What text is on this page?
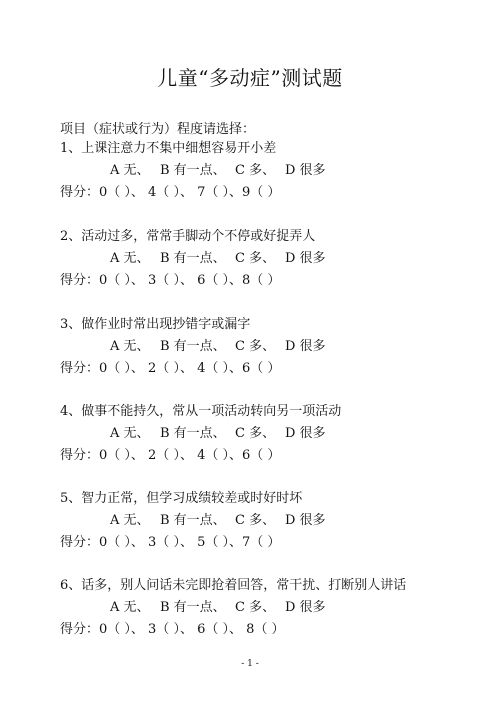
儿童“多动症”测试题
项目（症状或行为）程度请选择：
1、上课注意力不集中细想容易开小差
A 无、 B 有一点、 C 多、 D 很多
得分：0（ ）、 4（ ）、 7（ ）、9（ ）
2、活动过多，常常手脚动个不停或好捉弄人
A 无、 B 有一点、 C 多、 D 很多
得分：0（ ）、 3（ ）、 6（ ）、8（ ）
3、做作业时常出现抄错字或漏字
A 无、 B 有一点、 C 多、 D 很多
得分：0（ ）、 2（ ）、 4（ ）、6（ ）
4、做事不能持久，常从一项活动转向另一项活动
A 无、 B 有一点、 C 多、 D 很多
得分：0（ ）、 2（ ）、 4（ ）、6（ ）
5、智力正常，但学习成绩较差或时好时坏
A 无、 B 有一点、 C 多、 D 很多
得分：0（ ）、 3（ ）、 5（ ）、7（ ）
6、话多，别人问话未完即抢着回答，常干扰、打断别人讲话
A 无、 B 有一点、 C 多、 D 很多
得分：0（ ）、 3（ ）、 6（ ）、 8（ ）
- 1 -
